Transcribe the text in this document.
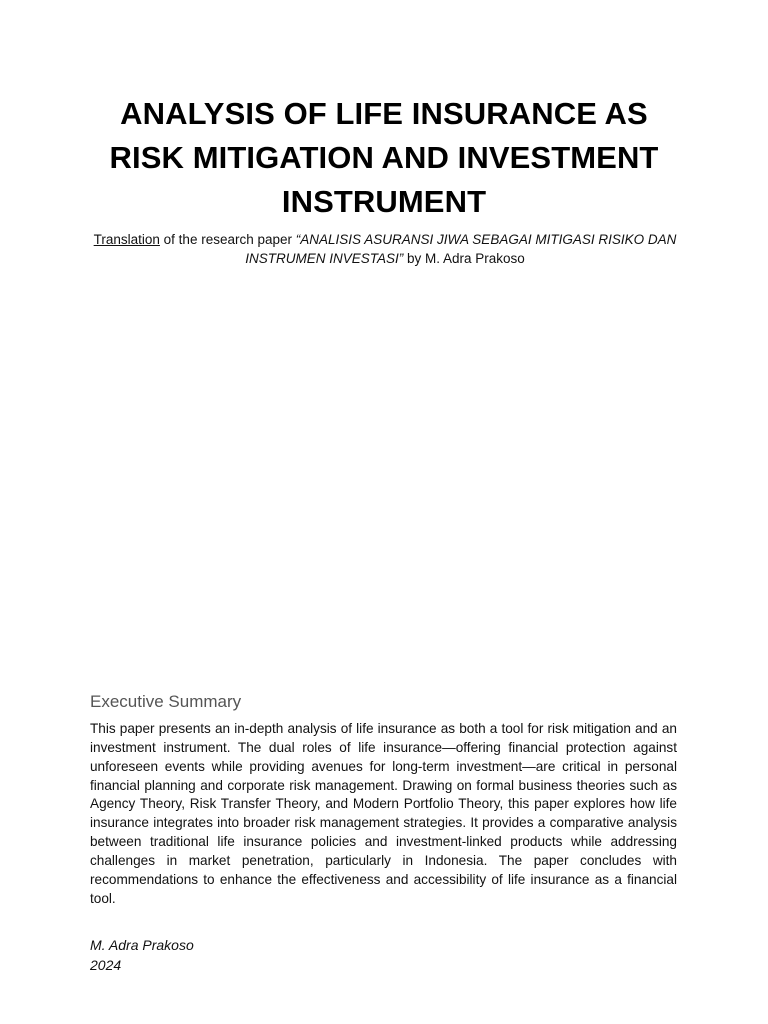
ANALYSIS OF LIFE INSURANCE AS
RISK MITIGATION AND INVESTMENT
INSTRUMENT
Translation of the research paper “ANALISIS ASURANSI JIWA SEBAGAI MITIGASI RISIKO DAN INSTRUMEN INVESTASI” by M. Adra Prakoso
Executive Summary

This paper presents an in-depth analysis of life insurance as both a tool for risk mitigation and an investment instrument. The dual roles of life insurance—offering financial protection against unforeseen events while providing avenues for long-term investment—are critical in personal financial planning and corporate risk management. Drawing on formal business theories such as Agency Theory, Risk Transfer Theory, and Modern Portfolio Theory, this paper explores how life insurance integrates into broader risk management strategies. It provides a comparative analysis between traditional life insurance policies and investment-linked products while addressing challenges in market penetration, particularly in Indonesia. The paper concludes with recommendations to enhance the effectiveness and accessibility of life insurance as a financial tool.

M. Adra Prakoso
2024
